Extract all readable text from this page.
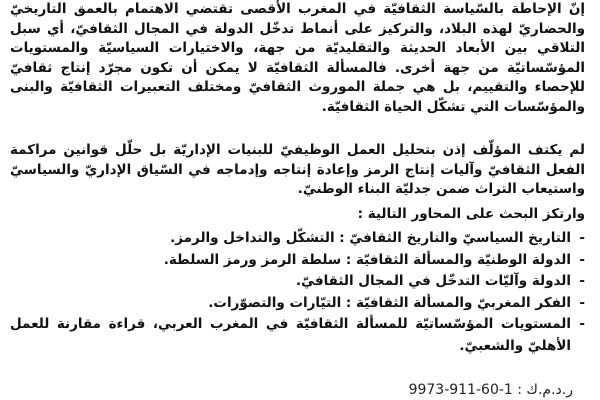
إنّ الإحاطة بالسّياسة الثقافيّة في المغرب الأقصى تقتضي الاهتمام بالعمق التاريخيّ والحضاريّ لهذه البلاد، والتركيز على أنماط تدخّل الدولة في المجال الثقافيّ، أي سبل التلاقي بين الأبعاد الحديثة والتقليديّة من جهة، والاختيارات السياسيّة والمستويات المؤسّساتيّة من جهة أخرى. فالمسألة الثقافيّة لا يمكن أن تكون مجرّد إنتاج ثقافيّ للإحصاء والتقييم، بل هي جملة الموروث الثقافيّ ومختلف التعبيرات الثقافيّة والبنى والمؤسّسات التي تشكّل الحياة الثقافيّة.

لم يكتف المؤلّف إذن بتحليل العمل الوظيفيّ للبنيات الإداريّة بل حلّل قوانين مراكمة الفعل الثقافيّ وآليات إنتاج الرمز وإعادة إنتاجه وإدماجه في السّياق الإداريّ والسياسيّ واستيعاب التراث ضمن جدليّة البناء الوطنيّ.

وارتكز البحث على المحاور التالية :

-
التاريخ السياسيّ والتاريخ الثقافيّ : التشكّل والتداخل والرمز.
-
الدولة الوطنيّة والمسألة الثقافيّة : سلطة الرمز ورمز السلطة.
-
الدولة وآليّات التدخّل في المجال الثقافيّ.
-
الفكر المغربيّ والمسألة الثقافيّة : التيّارات والتصوّرات.
-
المستويات المؤسّساتيّة للمسألة الثقافيّة في المغرب العربي، قراءة مقارنة للعمل الأهليّ والشعبيّ.
9973-911-60-1 ر.د.م.ك :
